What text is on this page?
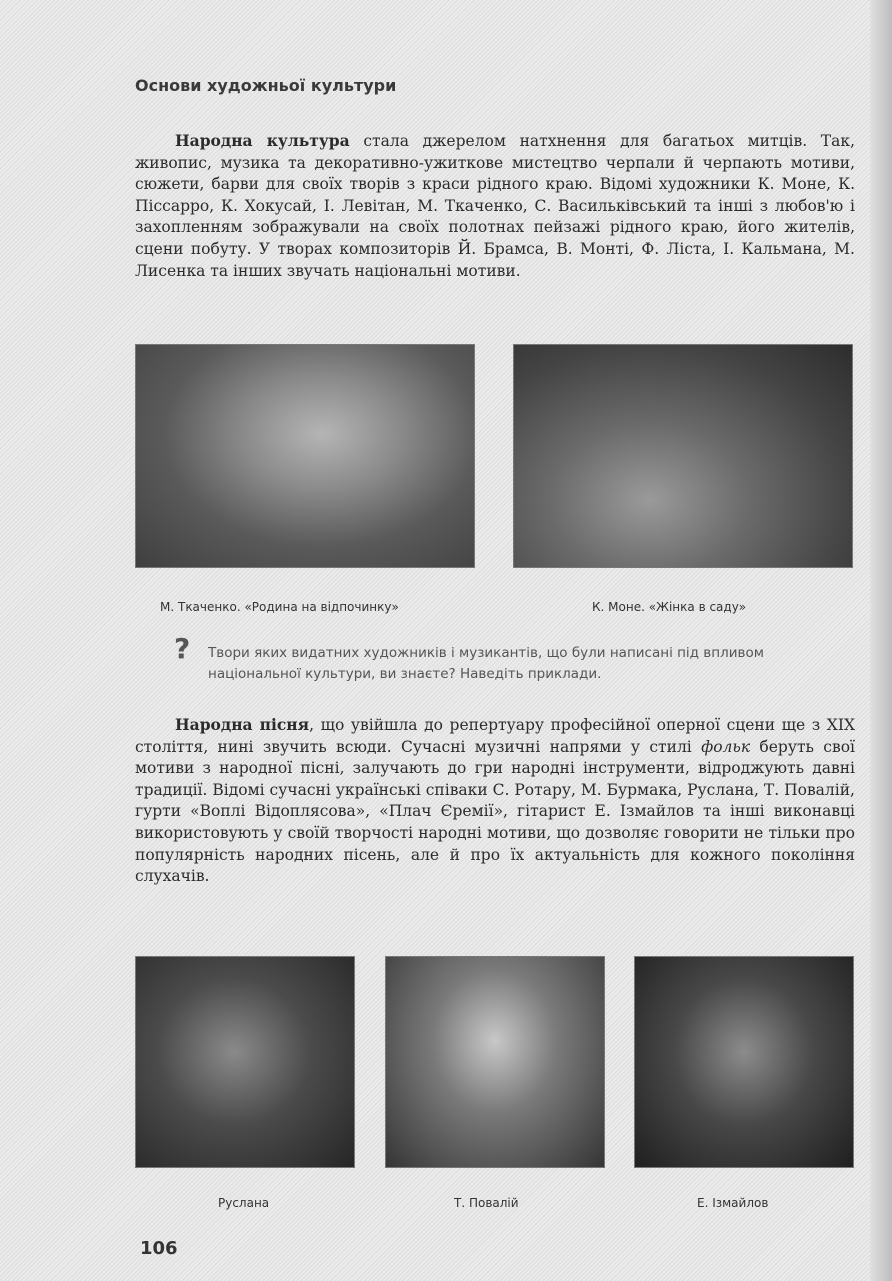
Основи художньої культури

Народна культура стала джерелом натхнення для багатьох митців. Так, живопис, музика та декоративно-ужиткове мистецтво черпали й черпають мотиви, сюжети, барви для своїх творів з краси рідного краю. Відомі художники К. Моне, К. Піссарро, К. Хокусай, І. Левітан, М. Ткаченко, С. Васильківський та інші з любов'ю і захопленням зображували на своїх полотнах пейзажі рідного краю, його жителів, сцени побуту. У творах композиторів Й. Брамса, В. Монті, Ф. Ліста, І. Кальмана, М. Лисенка та інших звучать національні мотиви.

М. Ткаченко. «Родина на відпочинку»	К. Моне. «Жінка в саду»
? Твори яких видатних художників і музикантів, що були написані під впливом національної культури, ви знаєте? Наведіть приклади.

Народна пісня, що увійшла до репертуару професійної оперної сцени ще з XIX століття, нині звучить всюди. Сучасні музичні напрями у стилі фольк беруть свої мотиви з народної пісні, залучають до гри народні інструменти, відроджують давні традиції. Відомі сучасні українські співаки С. Ротару, М. Бурмака, Руслана, Т. Повалій, гурти «Воплі Відоплясова», «Плач Єремії», гітарист Е. Ізмайлов та інші виконавці використовують у своїй творчості народні мотиви, що дозволяє говорити не тільки про популярність народних пісень, але й про їх актуальність для кожного покоління слухачів.

Руслана	Т. Повалій	Е. Ізмайлов
106
